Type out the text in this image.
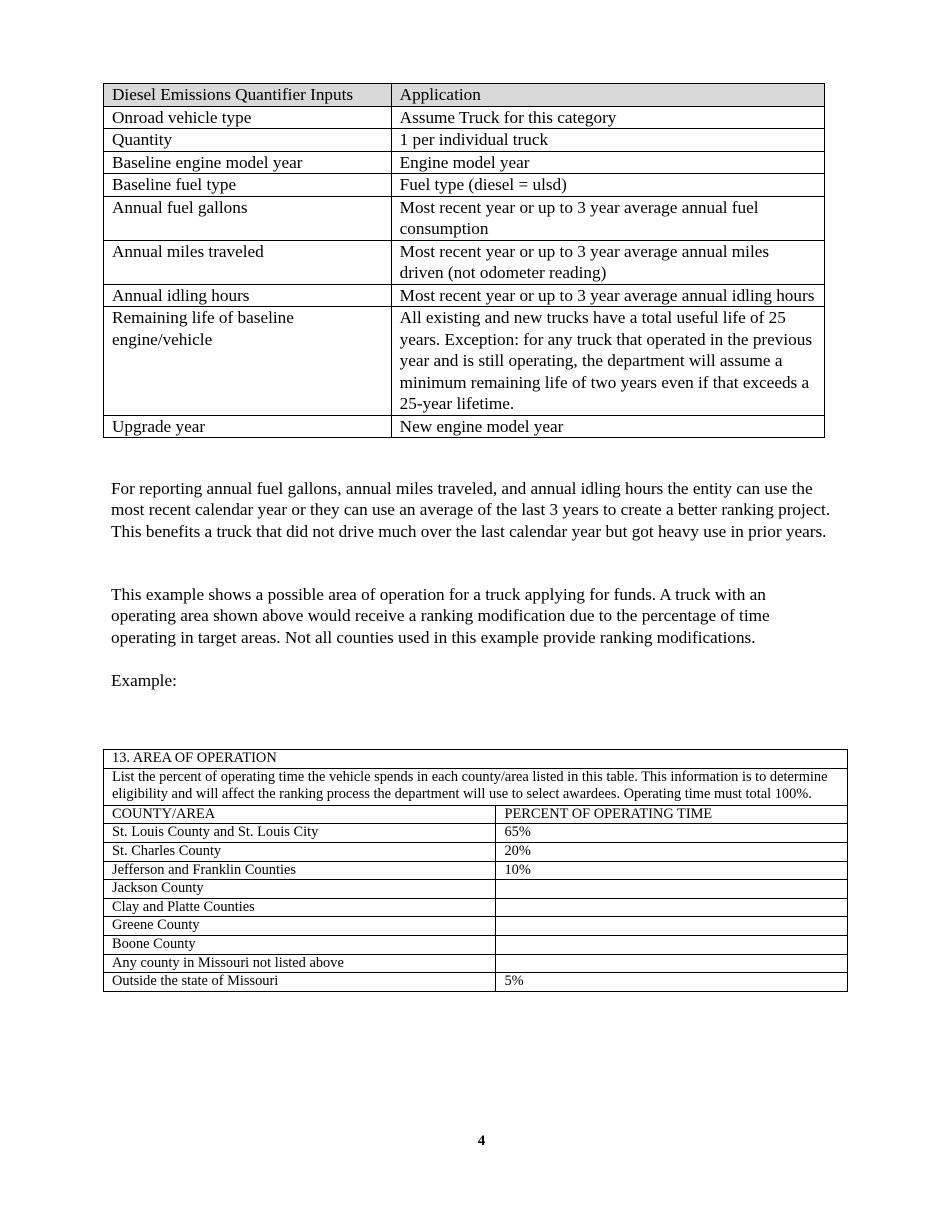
Diesel Emissions Quantifier Inputs	Application
Onroad vehicle type	Assume Truck for this category
Quantity	1 per individual truck
Baseline engine model year	Engine model year
Baseline fuel type	Fuel type (diesel = ulsd)
Annual fuel gallons	Most recent year or up to 3 year average annual fuel consumption
Annual miles traveled	Most recent year or up to 3 year average annual miles driven (not odometer reading)
Annual idling hours	Most recent year or up to 3 year average annual idling hours
Remaining life of baseline engine/vehicle	All existing and new trucks have a total useful life of 25 years. Exception: for any truck that operated in the previous year and is still operating, the department will assume a minimum remaining life of two years even if that exceeds a 25-year lifetime.
Upgrade year	New engine model year

For reporting annual fuel gallons, annual miles traveled, and annual idling hours the entity can use the most recent calendar year or they can use an average of the last 3 years to create a better ranking project. This benefits a truck that did not drive much over the last calendar year but got heavy use in prior years.

This example shows a possible area of operation for a truck applying for funds. A truck with an operating area shown above would receive a ranking modification due to the percentage of time operating in target areas. Not all counties used in this example provide ranking modifications.

Example:

13. AREA OF OPERATION	
List the percent of operating time the vehicle spends in each county/area listed in this table. This information is to determine eligibility and will affect the ranking process the department will use to select awardees. Operating time must total 100%.	
COUNTY/AREA	PERCENT OF OPERATING TIME
St. Louis County and St. Louis City	65%
St. Charles County	20%
Jefferson and Franklin Counties	10%
Jackson County	
Clay and Platte Counties	
Greene County	
Boone County	
Any county in Missouri not listed above	
Outside the state of Missouri	5%
4
